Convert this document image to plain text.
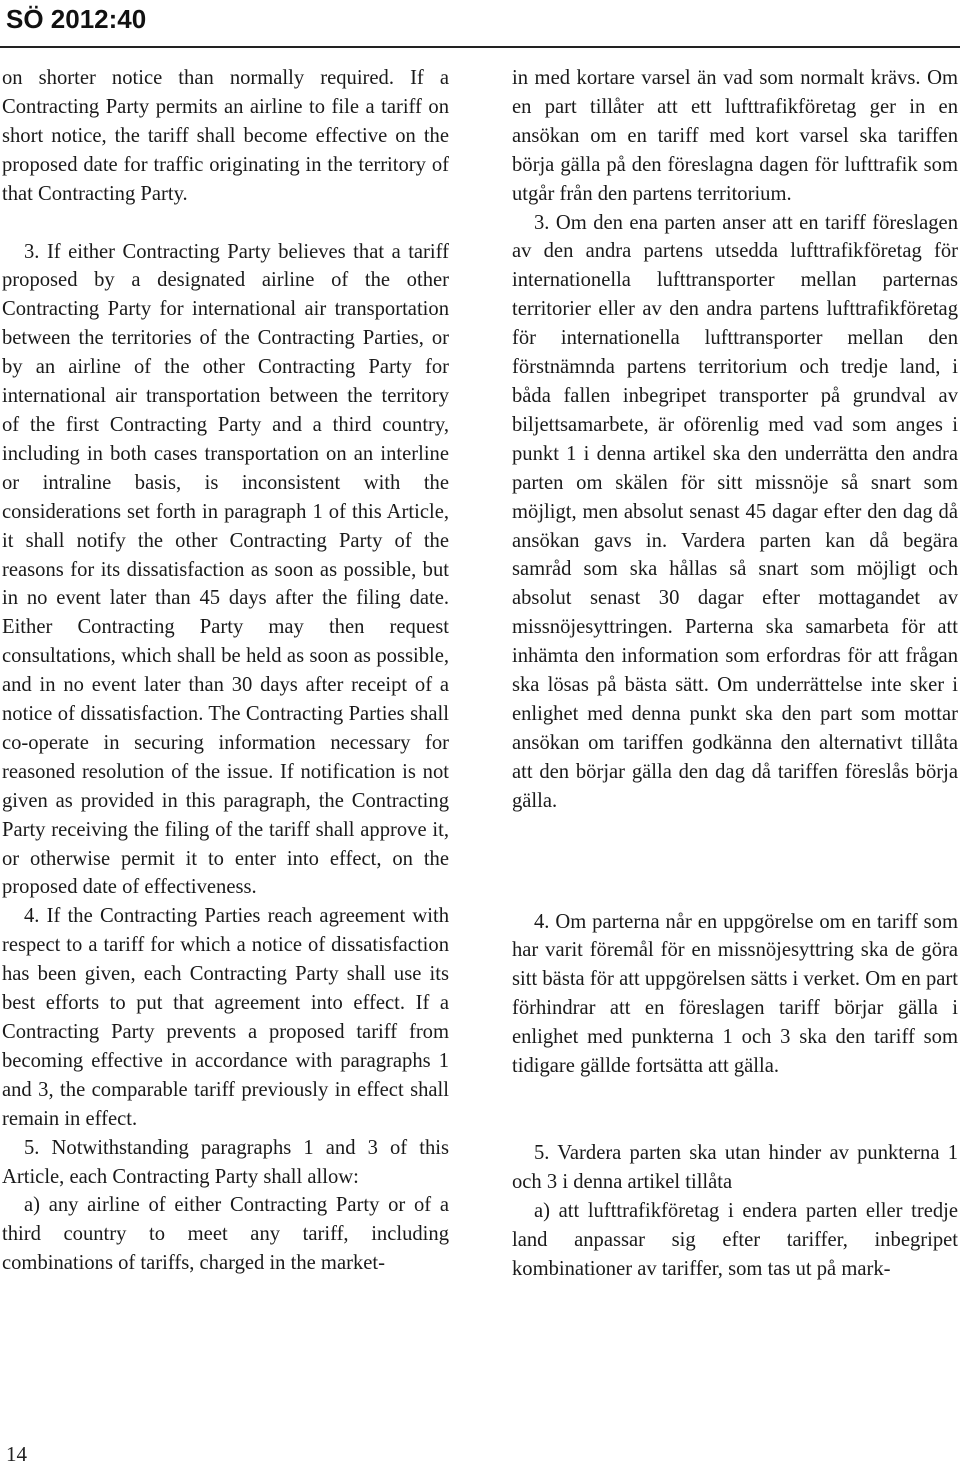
SÖ 2012:40

on shorter notice than normally required. If a Contracting Party permits an airline to file a tariff on short notice, the tariff shall become effective on the proposed date for traffic originating in the territory of that Contracting Party.

3. If either Contracting Party believes that a tariff proposed by a designated airline of the other Contracting Party for international air transportation between the territories of the Contracting Parties, or by an airline of the other Contracting Party for international air transportation between the territory of the first Contracting Party and a third country, including in both cases transportation on an interline or intraline basis, is inconsistent with the considerations set forth in paragraph 1 of this Article, it shall notify the other Contracting Party of the reasons for its dissatisfaction as soon as possible, but in no event later than 45 days after the filing date. Either Contracting Party may then request consultations, which shall be held as soon as possible, and in no event later than 30 days after receipt of a notice of dissatisfaction. The Contracting Parties shall co-operate in securing information necessary for reasoned resolution of the issue. If notification is not given as provided in this paragraph, the Contracting Party receiving the filing of the tariff shall approve it, or otherwise permit it to enter into effect, on the proposed date of effectiveness.

4. If the Contracting Parties reach agreement with respect to a tariff for which a notice of dissatisfaction has been given, each Contracting Party shall use its best efforts to put that agreement into effect. If a Contracting Party prevents a proposed tariff from becoming effective in accordance with paragraphs 1 and 3, the comparable tariff previously in effect shall remain in effect.

5. Notwithstanding paragraphs 1 and 3 of this Article, each Contracting Party shall allow:

a) any airline of either Contracting Party or of a third country to meet any tariff, including combinations of tariffs, charged in the market-

in med kortare varsel än vad som normalt krävs. Om en part tillåter att ett lufttrafikföretag ger in en ansökan om en tariff med kort varsel ska tariffen börja gälla på den föreslagna dagen för lufttrafik som utgår från den partens territorium.

3. Om den ena parten anser att en tariff föreslagen av den andra partens utsedda lufttrafikföretag för internationella lufttransporter mellan parternas territorier eller av den andra partens lufttrafikföretag för internationella lufttransporter mellan den förstnämnda partens territorium och tredje land, i båda fallen inbegripet transporter på grundval av biljettsamarbete, är oförenlig med vad som anges i punkt 1 i denna artikel ska den underrätta den andra parten om skälen för sitt missnöje så snart som möjligt, men absolut senast 45 dagar efter den dag då ansökan gavs in. Vardera parten kan då begära samråd som ska hållas så snart som möjligt och absolut senast 30 dagar efter mottagandet av missnöjesyttringen. Parterna ska samarbeta för att inhämta den information som erfordras för att frågan ska lösas på bästa sätt. Om underrättelse inte sker i enlighet med denna punkt ska den part som mottar ansökan om tariffen godkänna den alternativt tillåta att den börjar gälla den dag då tariffen föreslås börja gälla.

4. Om parterna når en uppgörelse om en tariff som har varit föremål för en missnöjesyttring ska de göra sitt bästa för att uppgörelsen sätts i verket. Om en part förhindrar att en föreslagen tariff börjar gälla i enlighet med punkterna 1 och 3 ska den tariff som tidigare gällde fortsätta att gälla.

5. Vardera parten ska utan hinder av punkterna 1 och 3 i denna artikel tillåta

a) att lufttrafikföretag i endera parten eller tredje land anpassar sig efter tariffer, inbegripet kombinationer av tariffer, som tas ut på mark-

14
